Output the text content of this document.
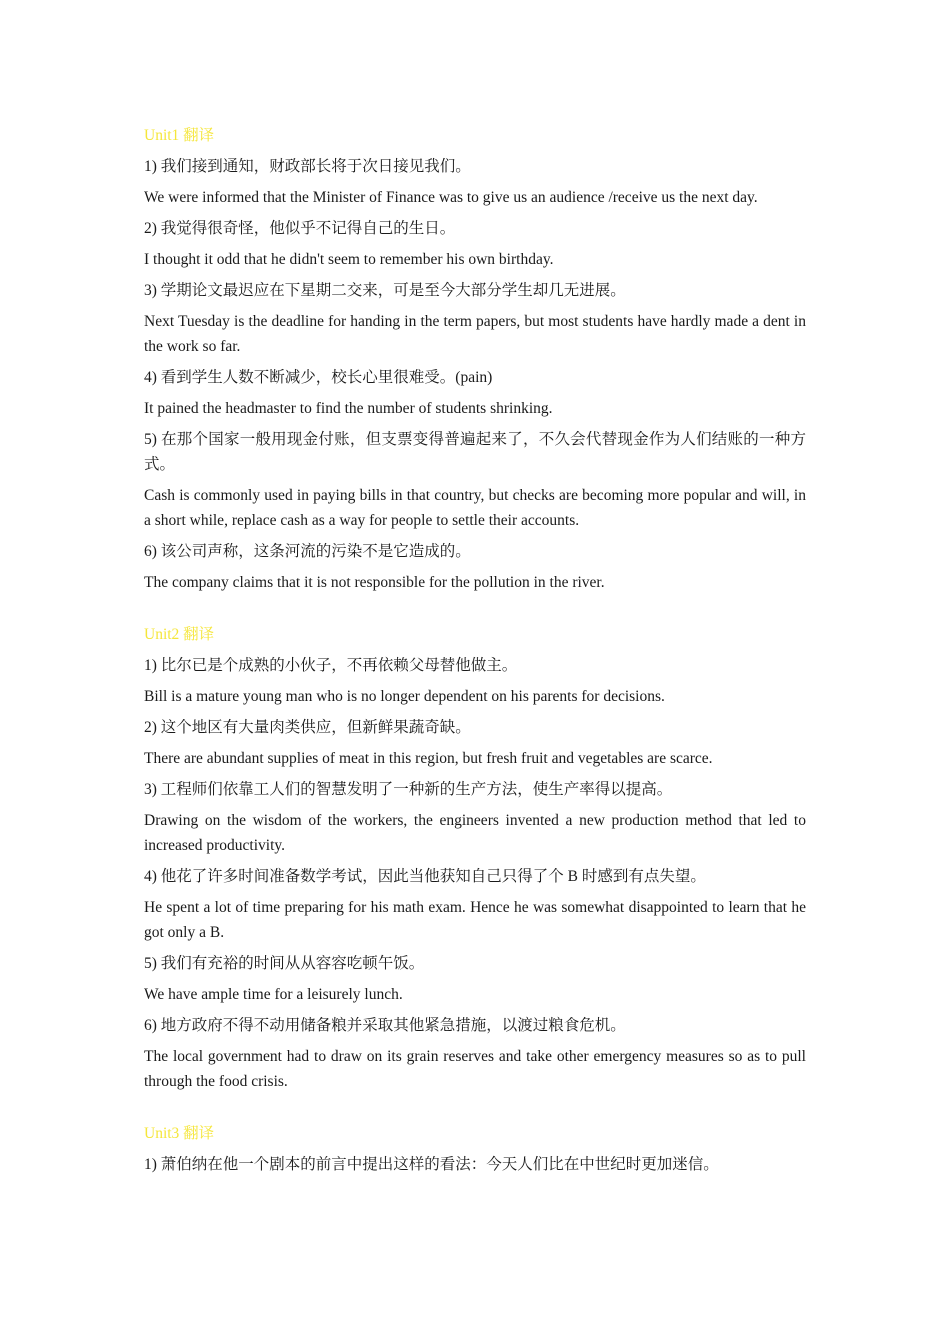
Unit1 翻译

1) 我们接到通知，财政部长将于次日接见我们。

We were informed that the Minister of Finance was to give us an audience /receive us the next day.

2) 我觉得很奇怪，他似乎不记得自己的生日。

I thought it odd that he didn't seem to remember his own birthday.

3) 学期论文最迟应在下星期二交来，可是至今大部分学生却几无进展。

Next Tuesday is the deadline for handing in the term papers, but most students have hardly made a dent in the work so far.

4) 看到学生人数不断减少，校长心里很难受。(pain)

It pained the headmaster to find the number of students shrinking.

5) 在那个国家一般用现金付账，但支票变得普遍起来了，不久会代替现金作为人们结账的一种方式。

Cash is commonly used in paying bills in that country, but checks are becoming more popular and will, in a short while, replace cash as a way for people to settle their accounts.

6) 该公司声称，这条河流的污染不是它造成的。

The company claims that it is not responsible for the pollution in the river.

Unit2 翻译

1) 比尔已是个成熟的小伙子，不再依赖父母替他做主。

Bill is a mature young man who is no longer dependent on his parents for decisions.

2) 这个地区有大量肉类供应，但新鲜果蔬奇缺。

There are abundant supplies of meat in this region, but fresh fruit and vegetables are scarce.

3) 工程师们依靠工人们的智慧发明了一种新的生产方法，使生产率得以提高。

Drawing on the wisdom of the workers, the engineers invented a new production method that led to increased productivity.

4) 他花了许多时间准备数学考试，因此当他获知自己只得了个 B 时感到有点失望。

He spent a lot of time preparing for his math exam. Hence he was somewhat disappointed to learn that he got only a B.

5) 我们有充裕的时间从从容容吃顿午饭。

We have ample time for a leisurely lunch.

6) 地方政府不得不动用储备粮并采取其他紧急措施，以渡过粮食危机。

The local government had to draw on its grain reserves and take other emergency measures so as to pull through the food crisis.

Unit3 翻译

1) 萧伯纳在他一个剧本的前言中提出这样的看法：今天人们比在中世纪时更加迷信。
